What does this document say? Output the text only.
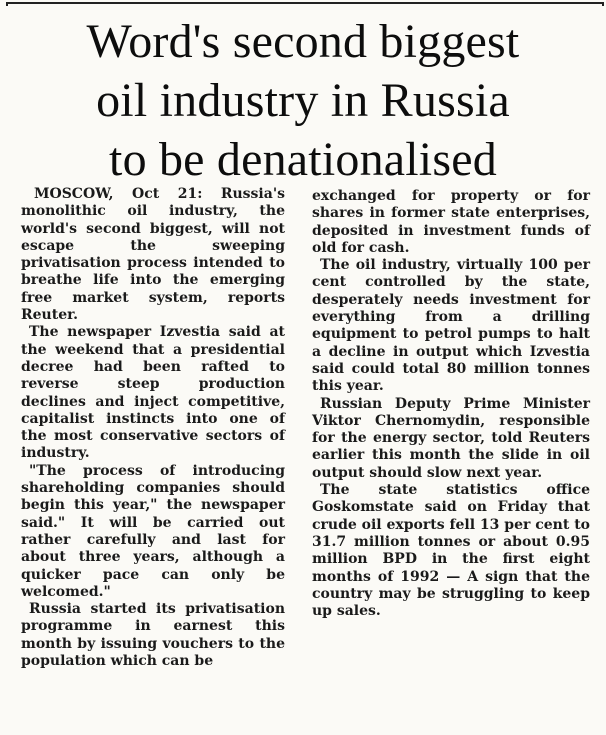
Word's second biggest
oil industry in Russia
to be denationalised

MOSCOW, Oct 21: Russia's monolithic oil industry, the world's second biggest, will not escape the sweeping privatisation process intended to breathe life into the emerging free market system, reports Reuter.

The newspaper Izvestia said at the weekend that a presidential decree had been rafted to reverse steep production declines and inject competitive, capitalist instincts into one of the most conservative sectors of industry.

"The process of introducing shareholding companies should begin this year," the newspaper said." It will be carried out rather carefully and last for about three years, although a quicker pace can only be welcomed."

Russia started its privatisation programme in earnest this month by issuing vouchers to the population which can be

exchanged for property or for shares in former state enterprises, deposited in investment funds of old for cash.

The oil industry, virtually 100 per cent controlled by the state, desperately needs investment for everything from a drilling equipment to petrol pumps to halt a decline in output which Izvestia said could total 80 million tonnes this year.

Russian Deputy Prime Minister Viktor Chernomydin, responsible for the energy sector, told Reuters earlier this month the slide in oil output should slow next year.

The state statistics office Goskomstate said on Friday that crude oil exports fell 13 per cent to 31.7 million tonnes or about 0.95 million BPD in the first eight months of 1992 — A sign that the country may be struggling to keep up sales.
